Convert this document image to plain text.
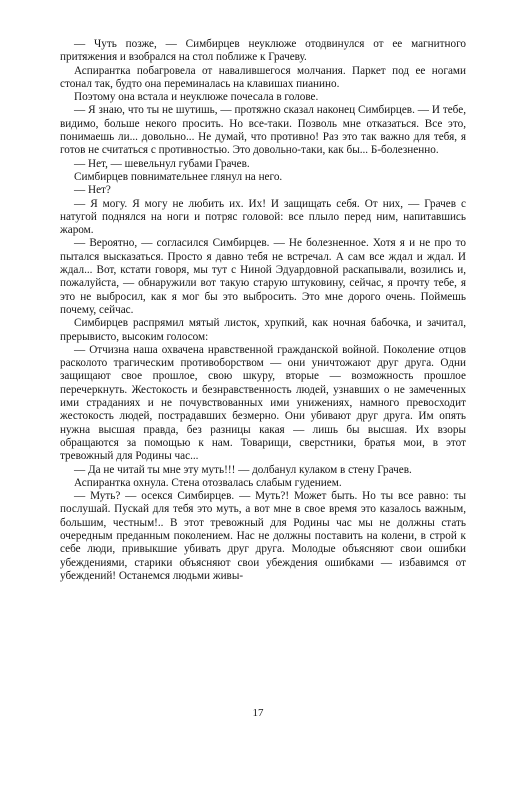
— Чуть позже, — Симбирцев неуклюже отодвинулся от ее магнитного притяжения и взобрался на стол поближе к Грачеву.

Аспирантка побагровела от навалившегося молчания. Паркет под ее ногами стонал так, будто она переминалась на клавишах пианино.

Поэтому она встала и неуклюже почесала в голове.

— Я знаю, что ты не шутишь, — протяжно сказал наконец Симбирцев. — И тебе, видимо, больше некого просить. Но все-таки. Позволь мне отказаться. Все это, понимаешь ли... довольно... Не думай, что противно! Раз это так важно для тебя, я готов не считаться с противностью. Это довольно-таки, как бы... Б-болезненно.

— Нет, — шевельнул губами Грачев.

Симбирцев повнимательнее глянул на него.

— Нет?

— Я могу. Я могу не любить их. Их! И защищать себя. От них, — Грачев с натугой поднялся на ноги и потряс головой: все плыло перед ним, напитавшись жаром.

— Вероятно, — согласился Симбирцев. — Не болезненное. Хотя я и не про то пытался высказаться. Просто я давно тебя не встречал. А сам все ждал и ждал. И ждал... Вот, кстати говоря, мы тут с Ниной Эдуардовной раскапывали, возились и, пожалуйста, — обнаружили вот такую старую штуковину, сейчас, я прочту тебе, я это не выбросил, как я мог бы это выбросить. Это мне дорого очень. Поймешь почему, сейчас.

Симбирцев распрямил мятый листок, хрупкий, как ночная бабочка, и зачитал, прерывисто, высоким голосом:

— Отчизна наша охвачена нравственной гражданской войной. Поколение отцов расколото трагическим противоборством — они уничтожают друг друга. Одни защищают свое прошлое, свою шкуру, вторые — возможность прошлое перечеркнуть. Жестокость и безнравственность людей, узнавших о не замеченных ими страданиях и не почувствованных ими унижениях, намного превосходит жестокость людей, пострадавших безмерно. Они убивают друг друга. Им опять нужна высшая правда, без разницы какая — лишь бы высшая. Их взоры обращаются за помощью к нам. Товарищи, сверстники, братья мои, в этот тревожный для Родины час...

— Дa не читай ты мне эту муть!!! — долбанул кулаком в стену Грачев.

Аспирантка охнула. Стена отозвалась слабым гудением.

— Муть? — осекся Симбирцев. — Муть?! Может быть. Но ты все равно: ты послушай. Пускай для тебя это муть, а вот мне в свое время это казалось важным, большим, честным!.. В этот тревожный для Родины час мы не должны стать очередным преданным поколением. Нас не должны поставить на колени, в строй к себе люди, привыкшие убивать друг друга. Молодые объясняют свои ошибки убеждениями, старики объясняют свои убеждения ошибками — избавимся от убеждений! Останемся людьми живы-

17
